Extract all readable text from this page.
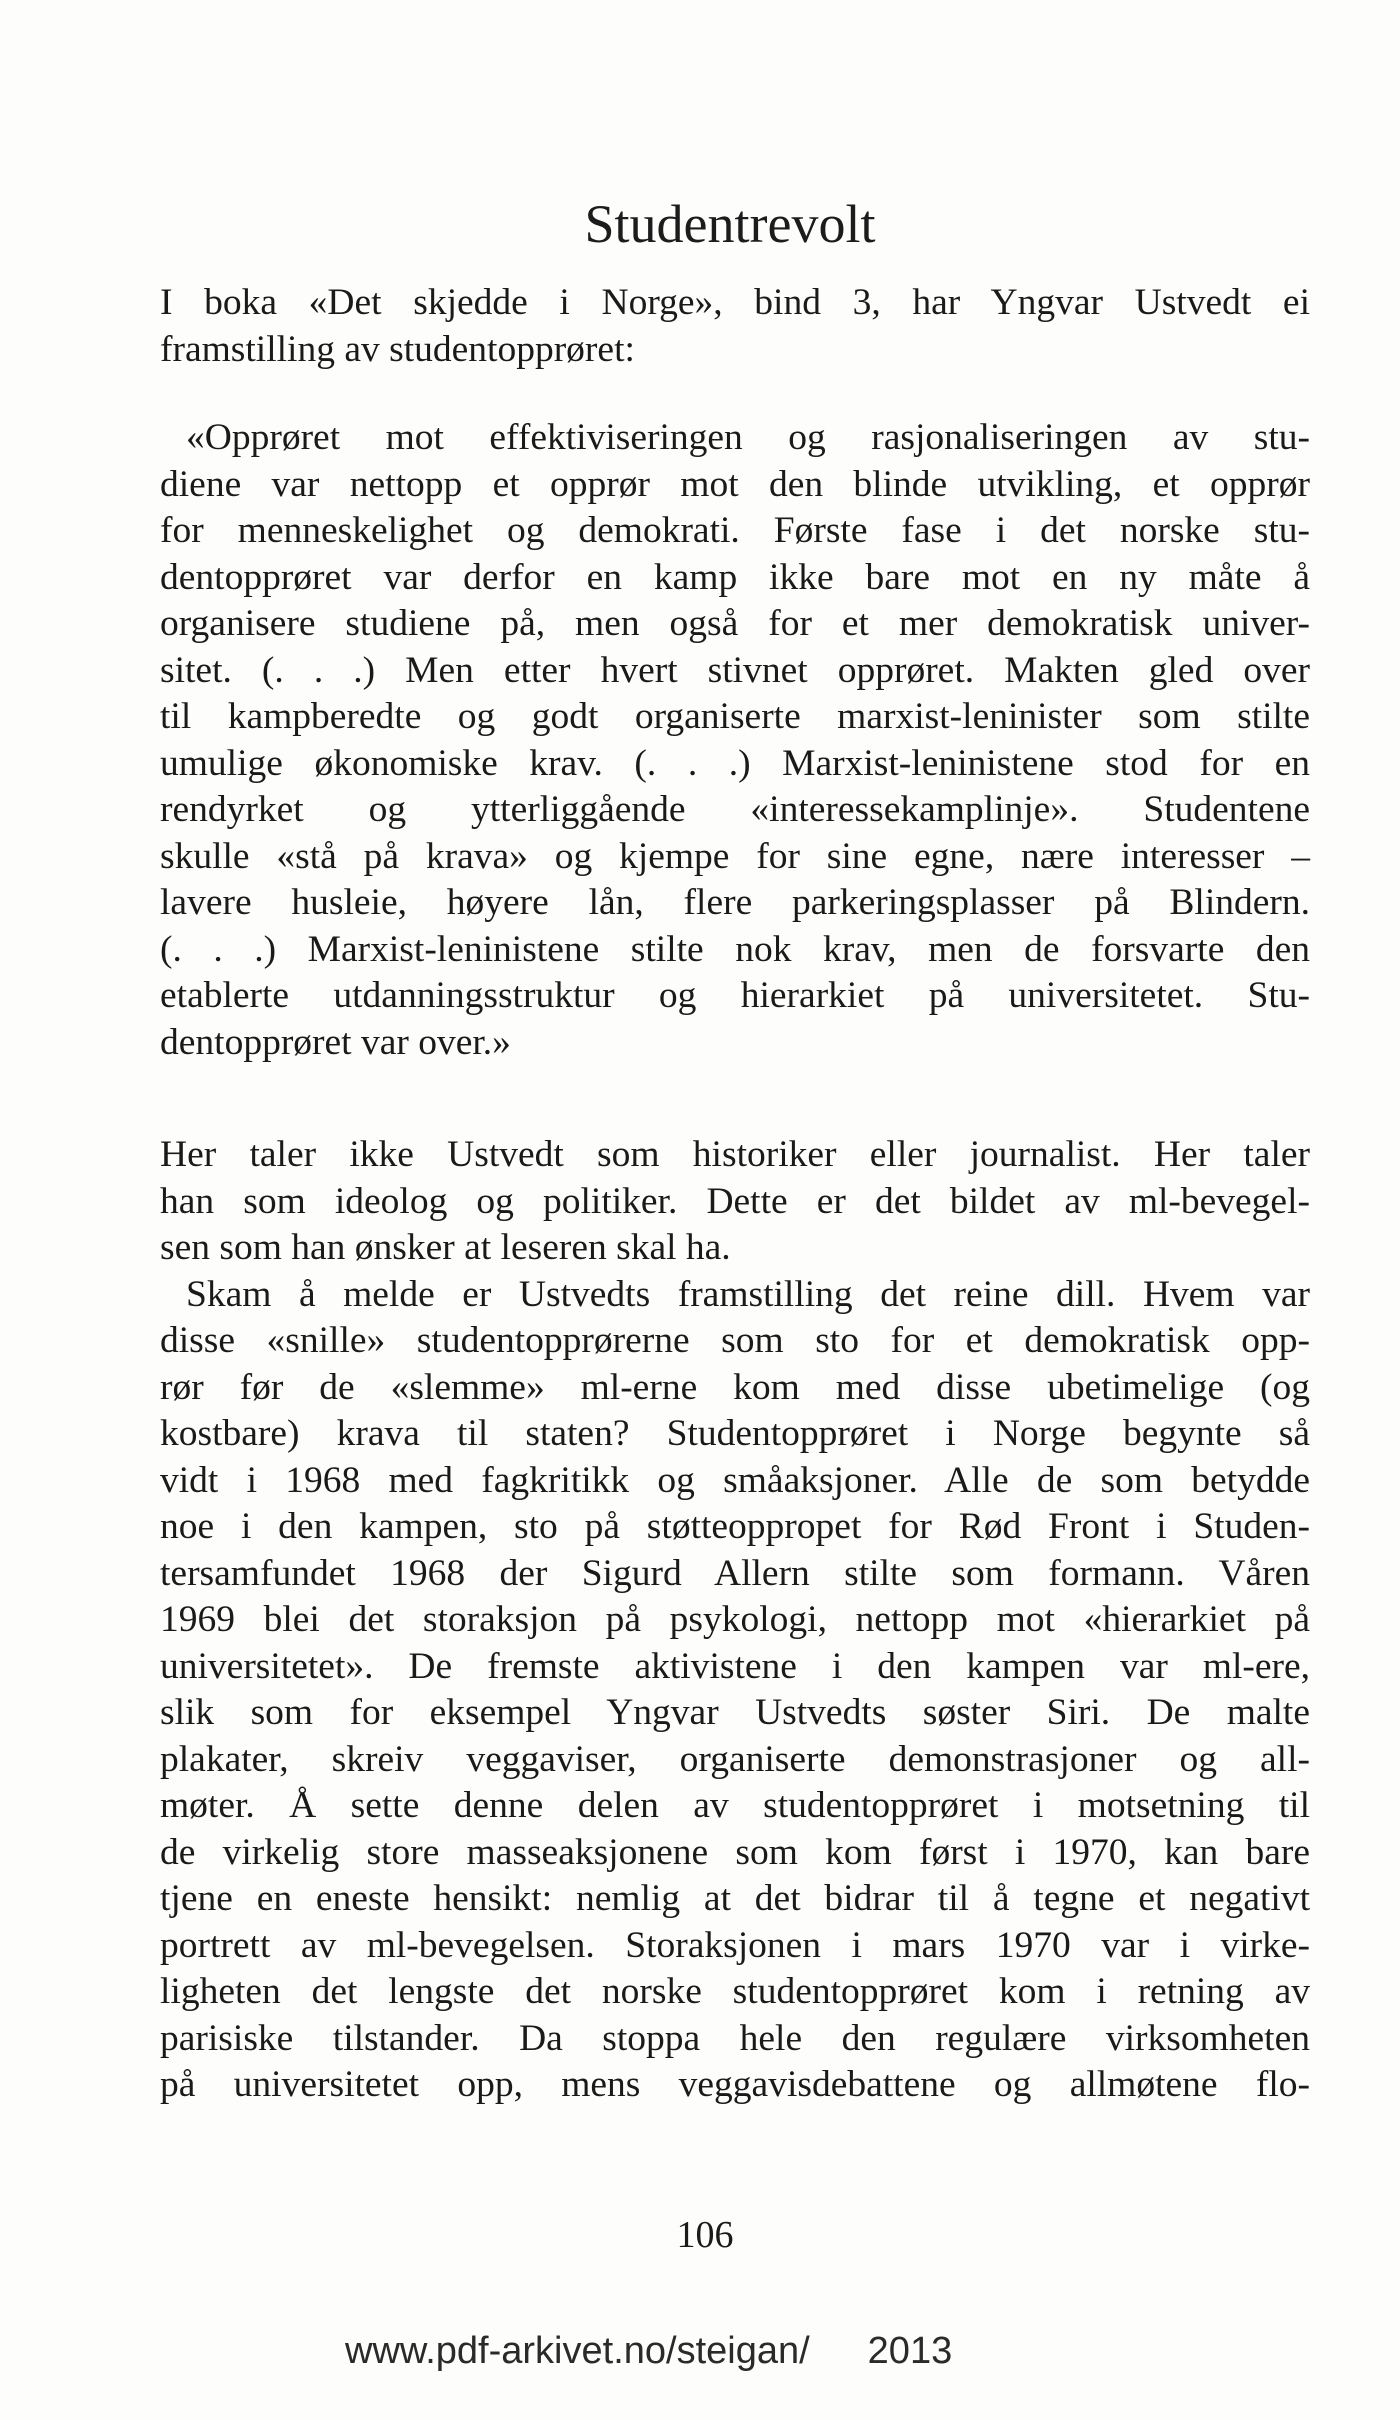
Studentrevolt
I boka «Det skjedde i Norge», bind 3, har Yngvar Ustvedt ei
framstilling av studentopprøret:
«Opprøret mot effektiviseringen og rasjonaliseringen av stu-
diene var nettopp et opprør mot den blinde utvikling, et opprør
for menneskelighet og demokrati. Første fase i det norske stu-
dentopprøret var derfor en kamp ikke bare mot en ny måte å
organisere studiene på, men også for et mer demokratisk univer-
sitet. (. . .) Men etter hvert stivnet opprøret. Makten gled over
til kampberedte og godt organiserte marxist-leninister som stilte
umulige økonomiske krav. (. . .) Marxist-leninistene stod for en
rendyrket og ytterliggående «interessekamplinje». Studentene
skulle «stå på krava» og kjempe for sine egne, nære interesser –
lavere husleie, høyere lån, flere parkeringsplasser på Blindern.
(. . .) Marxist-leninistene stilte nok krav, men de forsvarte den
etablerte utdanningsstruktur og hierarkiet på universitetet. Stu-
dentopprøret var over.»
Her taler ikke Ustvedt som historiker eller journalist. Her taler
han som ideolog og politiker. Dette er det bildet av ml-bevegel-
sen som han ønsker at leseren skal ha.
Skam å melde er Ustvedts framstilling det reine dill. Hvem var
disse «snille» studentopprørerne som sto for et demokratisk opp-
rør før de «slemme» ml-erne kom med disse ubetimelige (og
kostbare) krava til staten? Studentopprøret i Norge begynte så
vidt i 1968 med fagkritikk og småaksjoner. Alle de som betydde
noe i den kampen, sto på støtteoppropet for Rød Front i Studen-
tersamfundet 1968 der Sigurd Allern stilte som formann. Våren
1969 blei det storaksjon på psykologi, nettopp mot «hierarkiet på
universitetet». De fremste aktivistene i den kampen var ml-ere,
slik som for eksempel Yngvar Ustvedts søster Siri. De malte
plakater, skreiv veggaviser, organiserte demonstrasjoner og all-
møter. Å sette denne delen av studentopprøret i motsetning til
de virkelig store masseaksjonene som kom først i 1970, kan bare
tjene en eneste hensikt: nemlig at det bidrar til å tegne et negativt
portrett av ml-bevegelsen. Storaksjonen i mars 1970 var i virke-
ligheten det lengste det norske studentopprøret kom i retning av
parisiske tilstander. Da stoppa hele den regulære virksomheten
på universitetet opp, mens veggavisdebattene og allmøtene flo-
106
www.pdf-arkivet.no/steigan/ 2013
